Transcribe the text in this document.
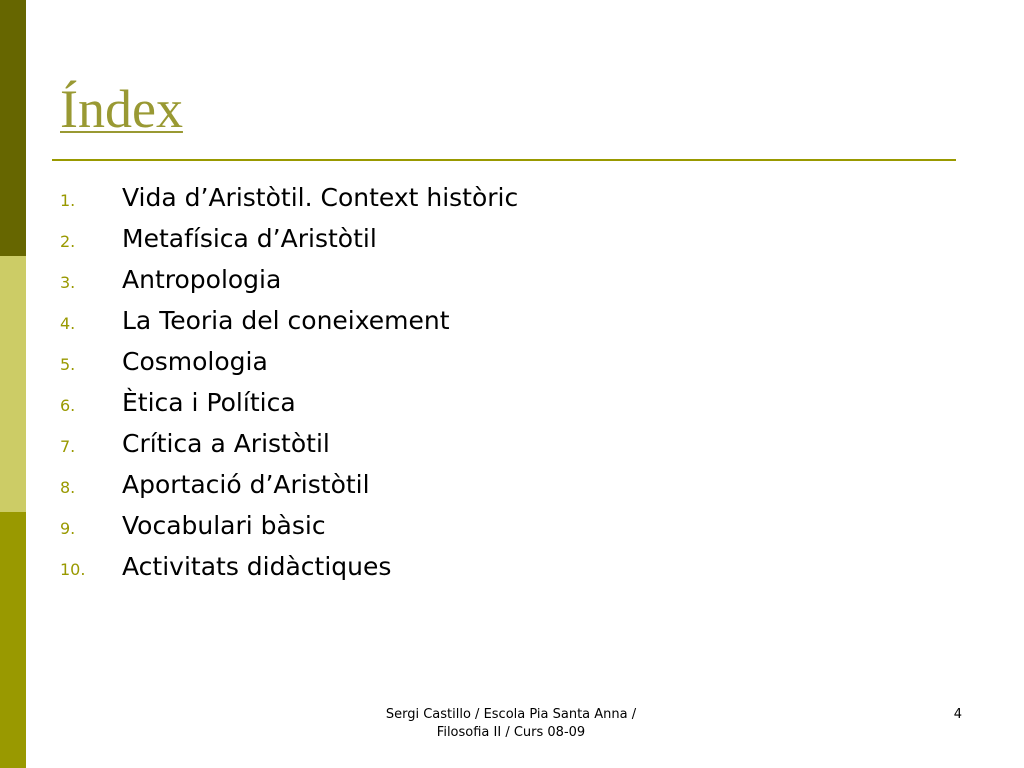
Índex
1.	Vida d’Aristòtil. Context històric
2.	Metafísica d’Aristòtil
3.	Antropologia
4.	La Teoria del coneixement
5.	Cosmologia
6.	Ètica i Política
7.	Crítica a Aristòtil
8.	Aportació d’Aristòtil
9.	Vocabulari bàsic
10.	Activitats didàctiques
Sergi Castillo / Escola Pia Santa Anna /
Filosofia II / Curs 08-09
4
